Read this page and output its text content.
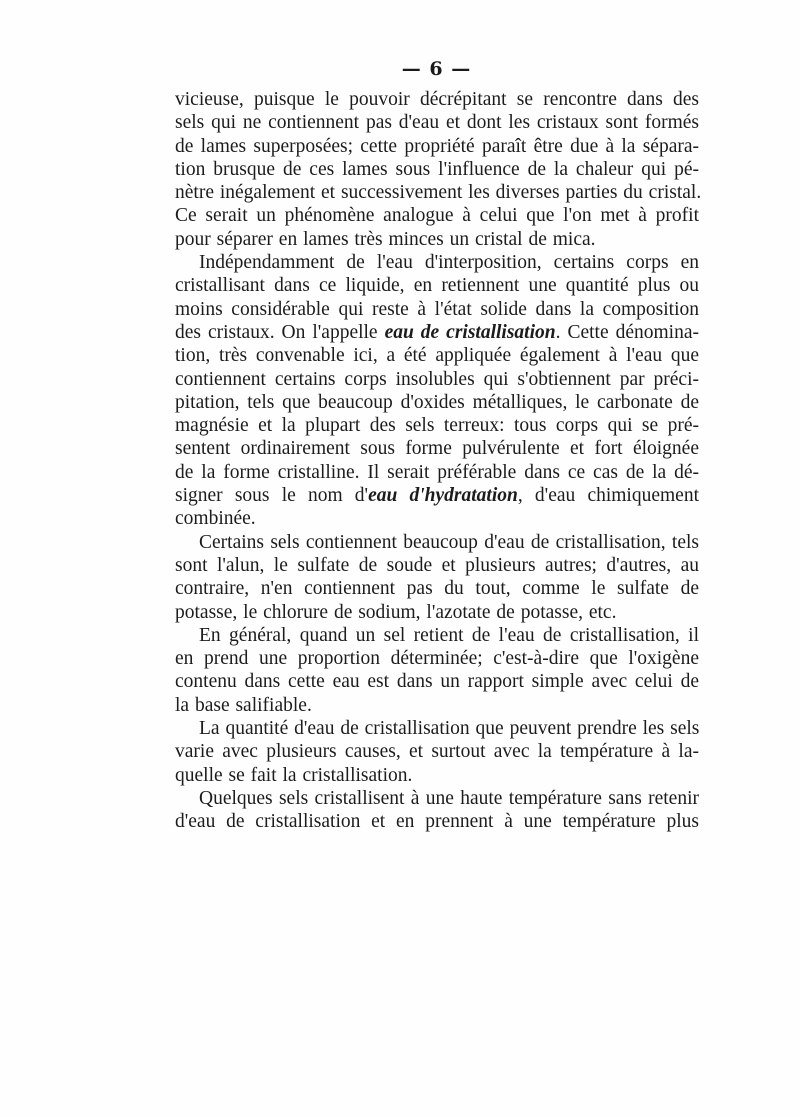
— 6 —
vicieuse, puisque le pouvoir décrépitant se rencontre dans des
sels qui ne contiennent pas d'eau et dont les cristaux sont formés
de lames superposées; cette propriété paraît être due à la sépara-
tion brusque de ces lames sous l'influence de la chaleur qui pé-
nètre inégalement et successivement les diverses parties du cristal.
Ce serait un phénomène analogue à celui que l'on met à profit
pour séparer en lames très minces un cristal de mica.
Indépendamment de l'eau d'interposition, certains corps en
cristallisant dans ce liquide, en retiennent une quantité plus ou
moins considérable qui reste à l'état solide dans la composition
des cristaux. On l'appelle eau de cristallisation. Cette dénomina-
tion, très convenable ici, a été appliquée également à l'eau que
contiennent certains corps insolubles qui s'obtiennent par préci-
pitation, tels que beaucoup d'oxides métalliques, le carbonate de
magnésie et la plupart des sels terreux: tous corps qui se pré-
sentent ordinairement sous forme pulvérulente et fort éloignée
de la forme cristalline. Il serait préférable dans ce cas de la dé-
signer sous le nom d'eau d'hydratation, d'eau chimiquement
combinée.
Certains sels contiennent beaucoup d'eau de cristallisation, tels
sont l'alun, le sulfate de soude et plusieurs autres; d'autres, au
contraire, n'en contiennent pas du tout, comme le sulfate de
potasse, le chlorure de sodium, l'azotate de potasse, etc.
En général, quand un sel retient de l'eau de cristallisation, il
en prend une proportion déterminée; c'est-à-dire que l'oxigène
contenu dans cette eau est dans un rapport simple avec celui de
la base salifiable.
La quantité d'eau de cristallisation que peuvent prendre les sels
varie avec plusieurs causes, et surtout avec la température à la-
quelle se fait la cristallisation.
Quelques sels cristallisent à une haute température sans retenir
d'eau de cristallisation et en prennent à une température plus
